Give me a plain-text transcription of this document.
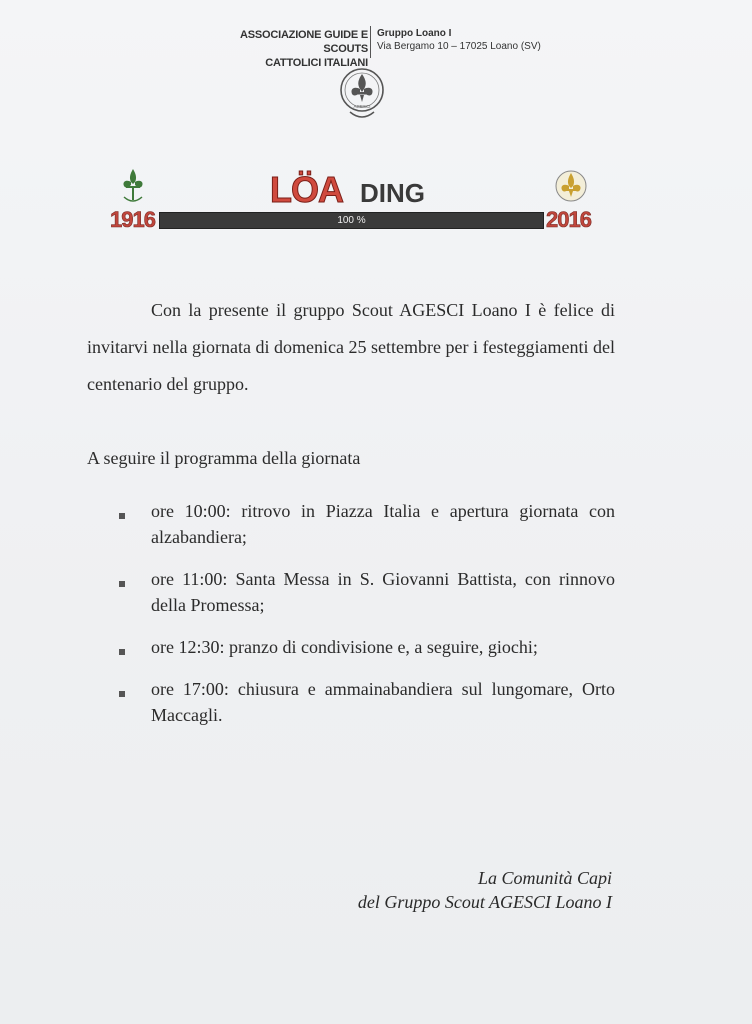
ASSOCIAZIONE GUIDE E SCOUTS
CATTOLICI ITALIANI
Gruppo Loano I
Via Bergamo 10 – 17025 Loano (SV)
AGESCI
1916
LÖA DING
100 %	2016
Con la presente il gruppo Scout AGESCI Loano I è felice di invitarvi nella giornata di domenica 25 settembre per i festeggiamenti del centenario del gruppo.
A seguire il programma della giornata
ore 10:00: ritrovo in Piazza Italia e apertura giornata con alzabandiera;
ore 11:00: Santa Messa in S. Giovanni Battista, con rinnovo della Promessa;
ore 12:30: pranzo di condivisione e, a seguire, giochi;
ore 17:00: chiusura e ammainabandiera sul lungomare, Orto Maccagli.
La Comunità Capi
del Gruppo Scout AGESCI Loano I
